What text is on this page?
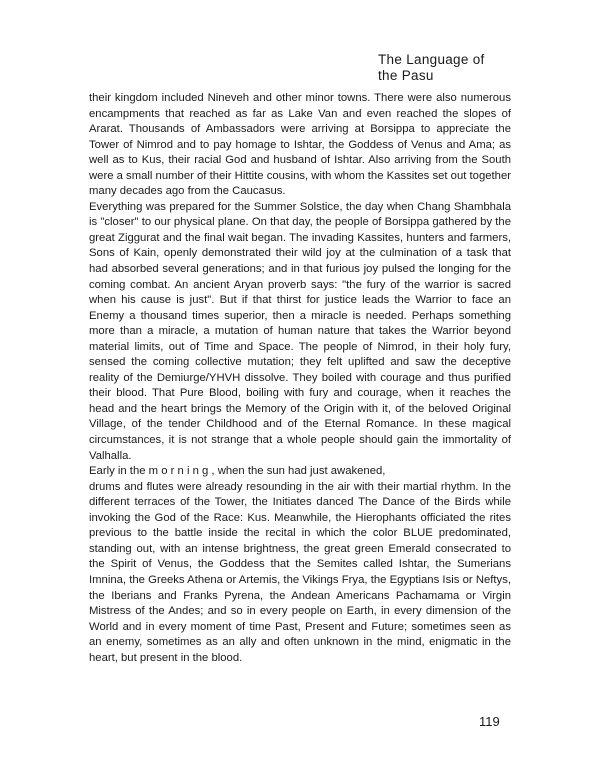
The Language of
the Pasu

their kingdom included Nineveh and other minor towns. There were also numerous encampments that reached as far as Lake Van and even reached the slopes of Ararat. Thousands of Ambassadors were arriving at Borsippa to appreciate the Tower of Nimrod and to pay homage to Ishtar, the Goddess of Venus and Ama; as well as to Kus, their racial God and husband of Ishtar. Also arriving from the South were a small number of their Hittite cousins, with whom the Kassites set out together many decades ago from the Caucasus.

Everything was prepared for the Summer Solstice, the day when Chang Shambhala is "closer" to our physical plane. On that day, the people of Borsippa gathered by the great Ziggurat and the final wait began. The invading Kassites, hunters and farmers, Sons of Kain, openly demonstrated their wild joy at the culmination of a task that had absorbed several generations; and in that furious joy pulsed the longing for the coming combat. An ancient Aryan proverb says: "the fury of the warrior is sacred when his cause is just". But if that thirst for justice leads the Warrior to face an Enemy a thousand times superior, then a miracle is needed. Perhaps something more than a miracle, a mutation of human nature that takes the Warrior beyond material limits, out of Time and Space. The people of Nimrod, in their holy fury, sensed the coming collective mutation; they felt uplifted and saw the deceptive reality of the Demiurge/YHVH dissolve. They boiled with courage and thus purified their blood. That Pure Blood, boiling with fury and courage, when it reaches the head and the heart brings the Memory of the Origin with it, of the beloved Original Village, of the tender Childhood and of the Eternal Romance. In these magical circumstances, it is not strange that a whole people should gain the immortality of Valhalla.

Early in the m o r n i n g , when the sun had just awakened,

drums and flutes were already resounding in the air with their martial rhythm. In the different terraces of the Tower, the Initiates danced The Dance of the Birds while invoking the God of the Race: Kus. Meanwhile, the Hierophants officiated the rites previous to the battle inside the recital in which the color BLUE predominated, standing out, with an intense brightness, the great green Emerald consecrated to the Spirit of Venus, the Goddess that the Semites called Ishtar, the Sumerians Imnina, the Greeks Athena or Artemis, the Vikings Frya, the Egyptians Isis or Neftys, the Iberians and Franks Pyrena, the Andean Americans Pachamama or Virgin Mistress of the Andes; and so in every people on Earth, in every dimension of the World and in every moment of time Past, Present and Future; sometimes seen as an enemy, sometimes as an ally and often unknown in the mind, enigmatic in the heart, but present in the blood.

119
